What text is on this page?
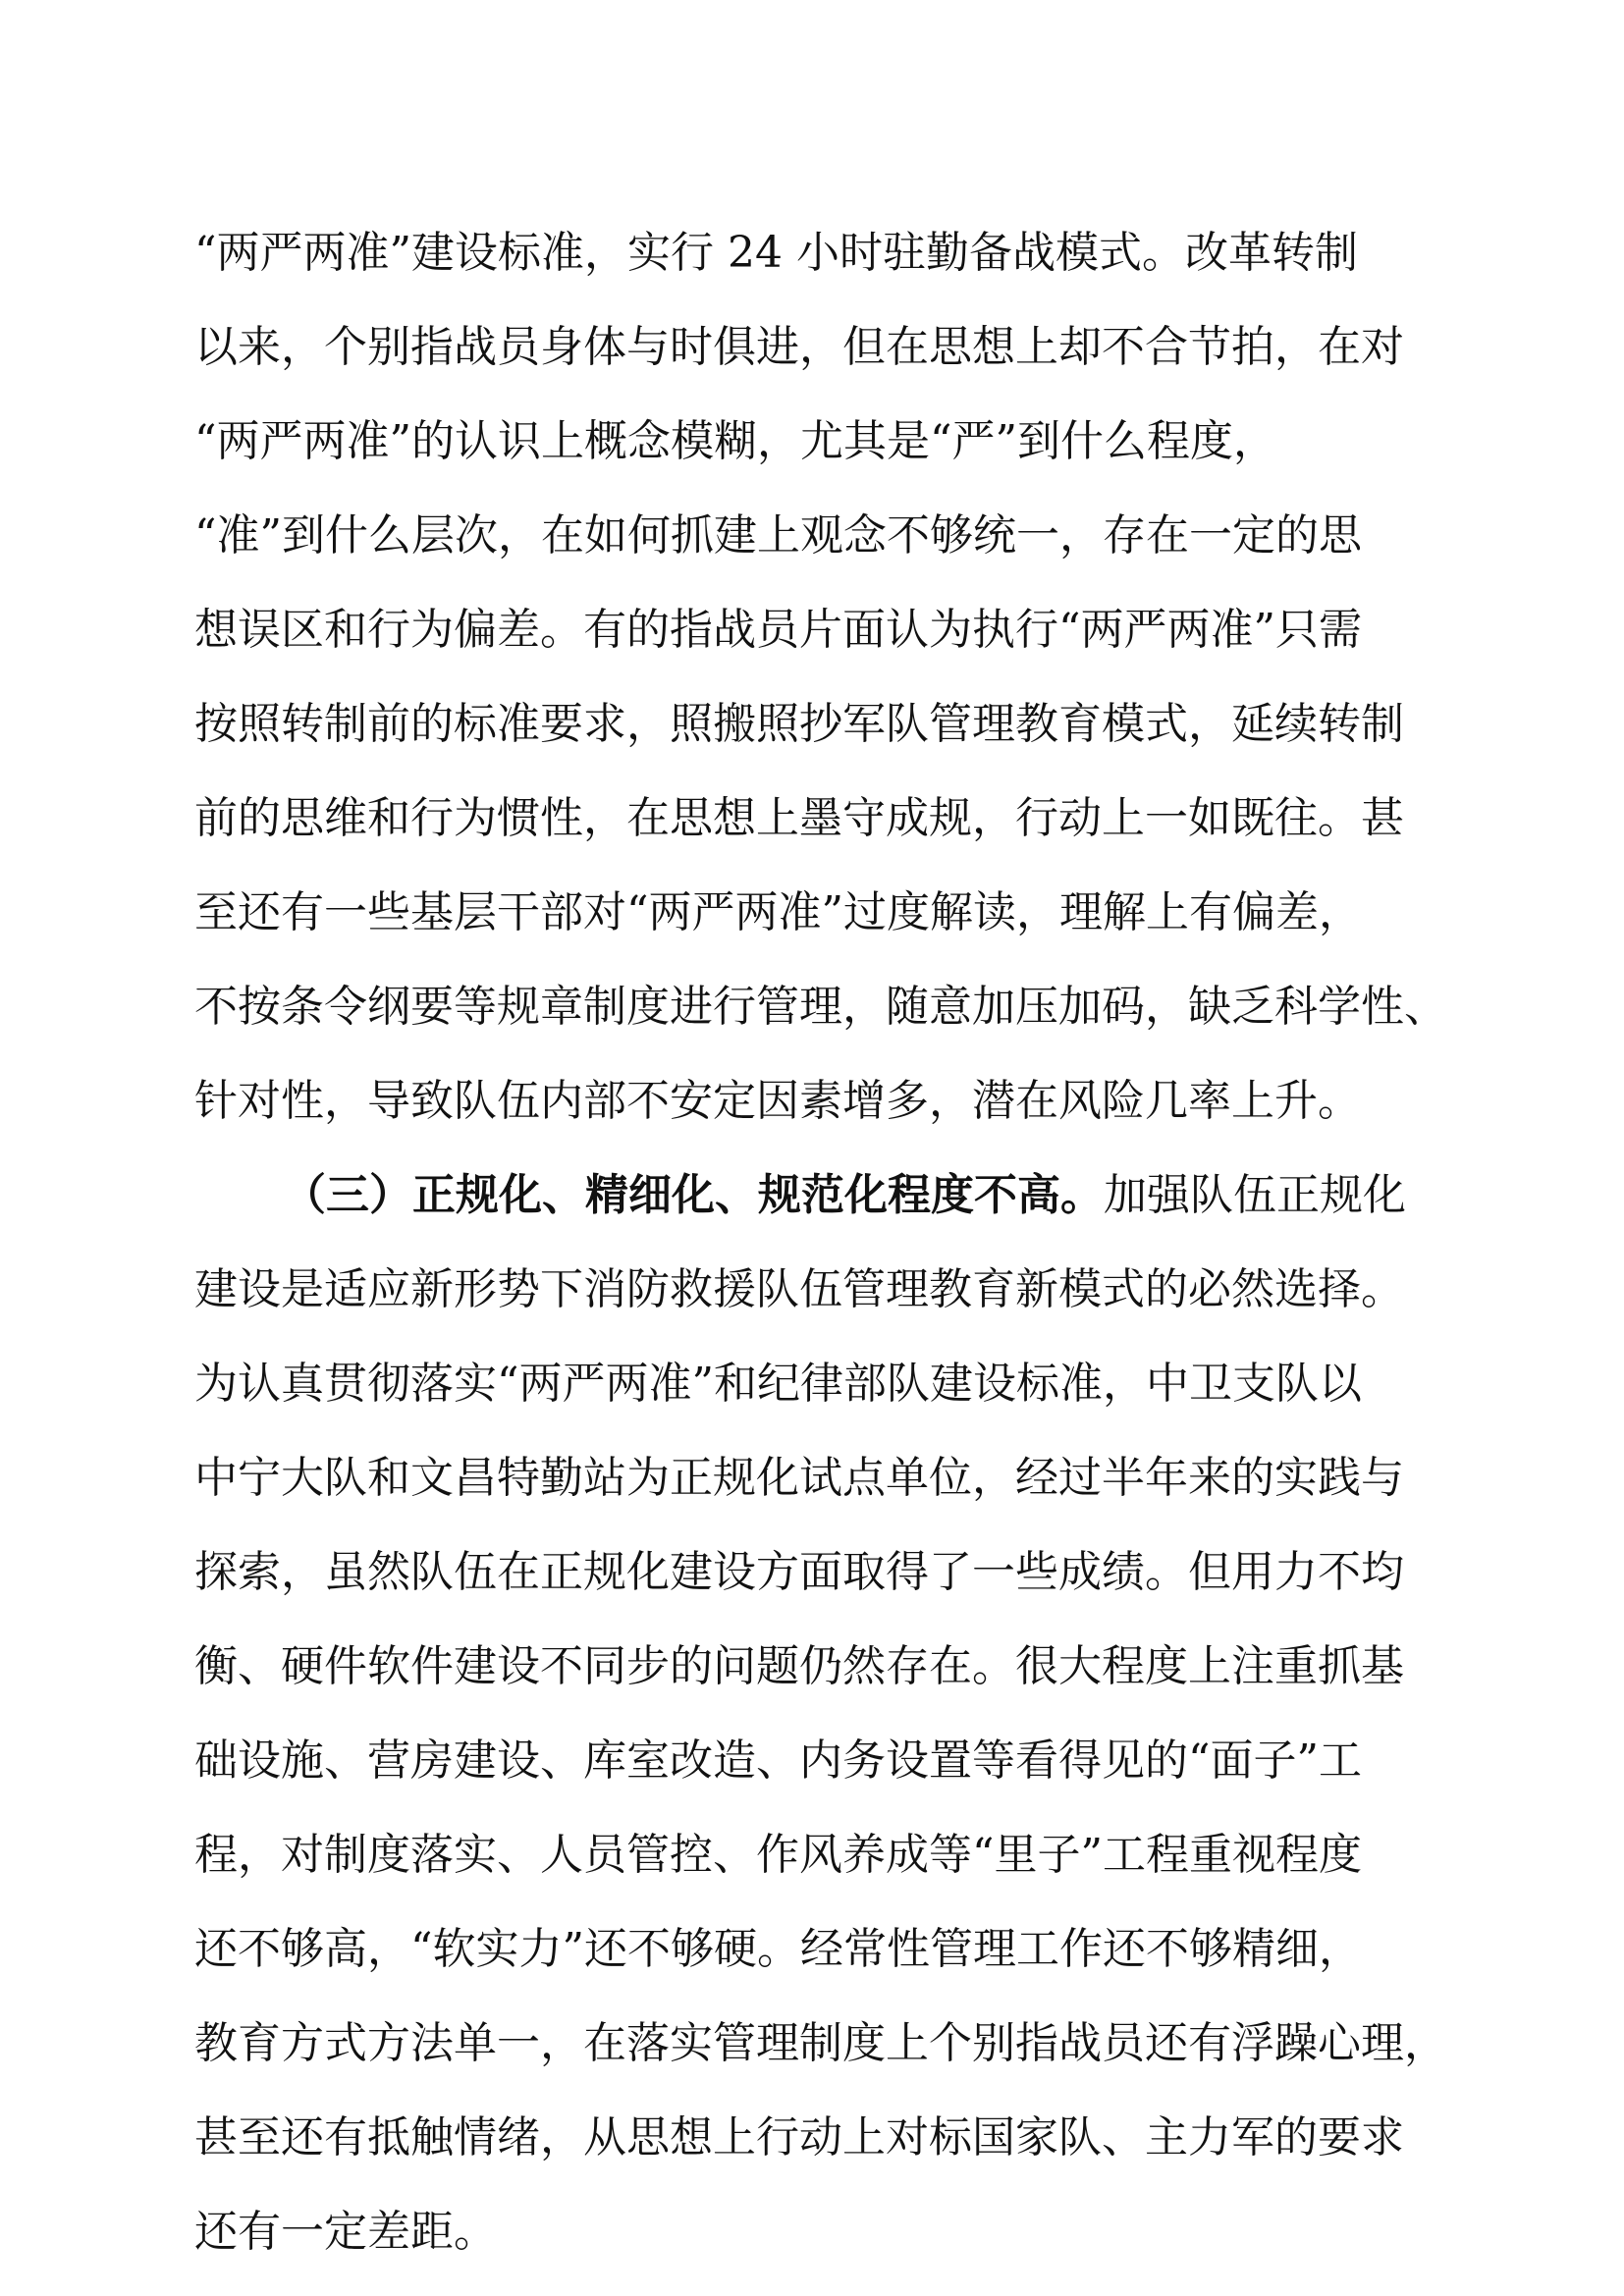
“两严两准”建设标准，实行 24 小时驻勤备战模式。改革转制
以来，个别指战员身体与时俱进，但在思想上却不合节拍，在对
“两严两准”的认识上概念模糊，尤其是“严”到什么程度，
“准”到什么层次，在如何抓建上观念不够统一，存在一定的思
想误区和行为偏差。有的指战员片面认为执行“两严两准”只需
按照转制前的标准要求，照搬照抄军队管理教育模式，延续转制
前的思维和行为惯性，在思想上墨守成规，行动上一如既往。甚
至还有一些基层干部对“两严两准”过度解读，理解上有偏差，
不按条令纲要等规章制度进行管理，随意加压加码，缺乏科学性、
针对性，导致队伍内部不安定因素增多，潜在风险几率上升。
（三）正规化、精细化、规范化程度不高。加强队伍正规化
建设是适应新形势下消防救援队伍管理教育新模式的必然选择。
为认真贯彻落实“两严两准”和纪律部队建设标准，中卫支队以
中宁大队和文昌特勤站为正规化试点单位，经过半年来的实践与
探索，虽然队伍在正规化建设方面取得了一些成绩。但用力不均
衡、硬件软件建设不同步的问题仍然存在。很大程度上注重抓基
础设施、营房建设、库室改造、内务设置等看得见的“面子”工
程，对制度落实、人员管控、作风养成等“里子”工程重视程度
还不够高，“软实力”还不够硬。经常性管理工作还不够精细，
教育方式方法单一，在落实管理制度上个别指战员还有浮躁心理，
甚至还有抵触情绪，从思想上行动上对标国家队、主力军的要求
还有一定差距。
